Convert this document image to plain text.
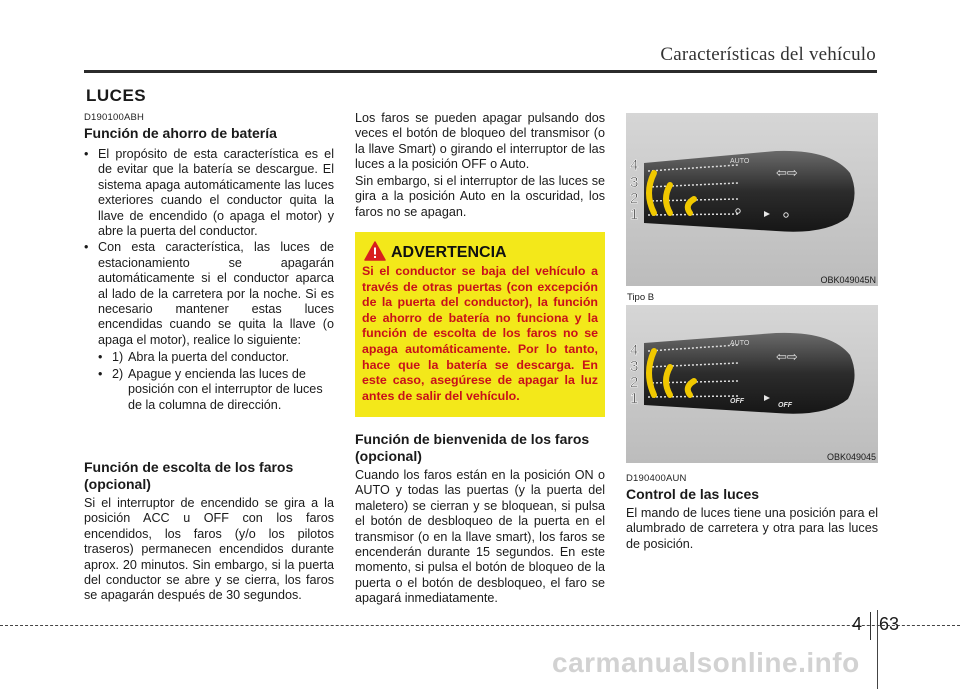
Características del vehículo
LUCES
D190100ABH
Función de ahorro de batería
• El propósito de esta característica es el de evitar que la batería se descargue. El sistema apaga automáticamente las luces exteriores cuando el conductor quita la llave de encendido (o apaga el motor) y abre la puerta del conductor.
• Con esta característica, las luces de estacionamiento se apagarán automáticamente si el conductor aparca al lado de la carretera por la noche. Si es necesario mantener estas luces encendidas cuando se quita la llave (o apaga el motor), realice lo siguiente:
• 1) Abra la puerta del conductor.
• 2) Apague y encienda las luces de posición con el interruptor de luces de la columna de dirección.
Función de escolta de los faros (opcional)
Si el interruptor de encendido se gira a la posición ACC u OFF con los faros encendidos, los faros (y/o los pilotos traseros) permanecen encendidos durante aprox. 20 minutos. Sin embargo, si la puerta del conductor se abre y se cierra, los faros se apagarán después de 30 segundos.
Los faros se pueden apagar pulsando dos veces el botón de bloqueo del transmisor (o la llave Smart) o girando el interruptor de las luces a la posición OFF o Auto.
Sin embargo, si el interruptor de las luces se gira a la posición Auto en la oscuridad, los faros no se apagan.
ADVERTENCIA
Si el conductor se baja del vehículo a través de otras puertas (con excepción de la puerta del conductor), la función de ahorro de batería no funciona y la función de escolta de los faros no se apaga automáticamente. Por lo tanto, hace que la batería se descarga. En este caso, asegúrese de apagar la luz antes de salir del vehículo.
Función de bienvenida de los faros (opcional)
Cuando los faros están en la posición ON o AUTO y todas las puertas (y la puerta del maletero) se cierran y se bloquean, si pulsa el botón de desbloqueo de la puerta en el transmisor (o en la llave smart), los faros se encenderán durante 15 segundos. En este momento, si pulsa el botón de bloqueo de la puerta o el botón de desbloqueo, el faro se apagará inmediatamente.
AUTO
⇦⇨
4
3
2
1
OBK049045N
Tipo B
AUTO
⇦⇨
OFF
OFF
4
3
2
1
OBK049045
D190400AUN
Control de las luces
El mando de luces tiene una posición para el alumbrado de carretera y otra para las luces de posición.
4 63
carmanualsonline.info
